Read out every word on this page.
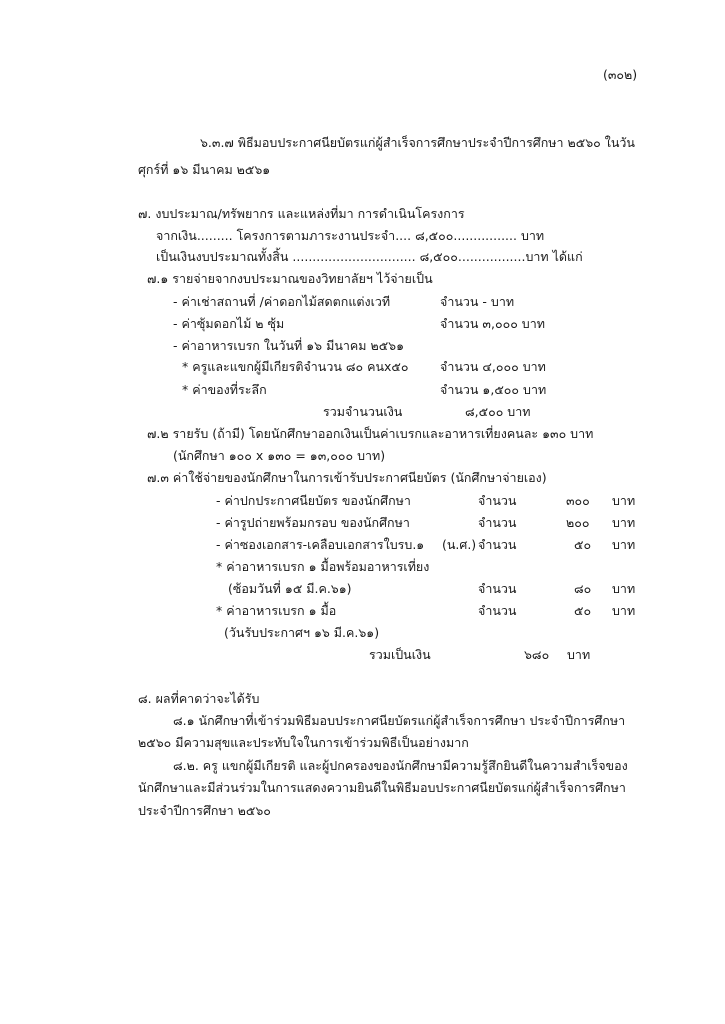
(๓๐๒)
๖.๓.๗ พิธีมอบประกาศนียบัตรแก่ผู้สำเร็จการศึกษาประจำปีการศึกษา ๒๕๖๐ ในวัน
ศุกร์ที่ ๑๖ มีนาคม ๒๕๖๑
๗. งบประมาณ/ทรัพยากร และแหล่งที่มา การดำเนินโครงการ
จากเงิน......... โครงการตามภาระงานประจำ.... ๘,๕๐๐................ บาท
เป็นเงินงบประมาณทั้งสิ้น ............................... ๘,๕๐๐.................บาท ได้แก่
๗.๑ รายจ่ายจากงบประมาณของวิทยาลัยฯ ไว้จ่ายเป็น
- ค่าเช่าสถานที่ /ค่าดอกไม้สดตกแต่งเวที	จำนวน - บาท
- ค่าซุ้มดอกไม้ ๒ ซุ้ม	จำนวน ๓,๐๐๐ บาท
- ค่าอาหารเบรก ในวันที่ ๑๖ มีนาคม ๒๕๖๑
* ครูและแขกผู้มีเกียรติจำนวน ๘๐ คนx๕๐	จำนวน ๔,๐๐๐ บาท
* ค่าของที่ระลึก	จำนวน ๑,๕๐๐ บาท
รวมจำนวนเงิน	๘,๕๐๐ บาท
๗.๒ รายรับ (ถ้ามี) โดยนักศึกษาออกเงินเป็นค่าเบรกและอาหารเที่ยงคนละ ๑๓๐ บาท
(นักศึกษา ๑๐๐ x ๑๓๐ = ๑๓,๐๐๐ บาท)
๗.๓ ค่าใช้จ่ายของนักศึกษาในการเข้ารับประกาศนียบัตร (นักศึกษาจ่ายเอง)
- ค่าปกประกาศนียบัตร ของนักศึกษา	จำนวน	๓๐๐ บาท
- ค่ารูปถ่ายพร้อมกรอบ ของนักศึกษา	จำนวน	๒๐๐ บาท
- ค่าซองเอกสาร-เคลือบเอกสารใบรบ.๑ (น.ศ.) จำนวน	๕๐ บาท
* ค่าอาหารเบรก ๑ มื้อพร้อมอาหารเที่ยง
(ซ้อมวันที่ ๑๕ มี.ค.๖๑)	จำนวน	๘๐ บาท
* ค่าอาหารเบรก ๑ มื้อ	จำนวน	๕๐ บาท
(วันรับประกาศฯ ๑๖ มี.ค.๖๑)
รวมเป็นเงิน	๖๘๐ บาท
๘. ผลที่คาดว่าจะได้รับ
๘.๑ นักศึกษาที่เข้าร่วมพิธีมอบประกาศนียบัตรแก่ผู้สำเร็จการศึกษา ประจำปีการศึกษา
๒๕๖๐ มีความสุขและประทับใจในการเข้าร่วมพิธีเป็นอย่างมาก
๘.๒. ครู แขกผู้มีเกียรติ และผู้ปกครองของนักศึกษามีความรู้สึกยินดีในความสำเร็จของ
นักศึกษาและมีส่วนร่วมในการแสดงความยินดีในพิธีมอบประกาศนียบัตรแก่ผู้สำเร็จการศึกษา
ประจำปีการศึกษา ๒๕๖๐
